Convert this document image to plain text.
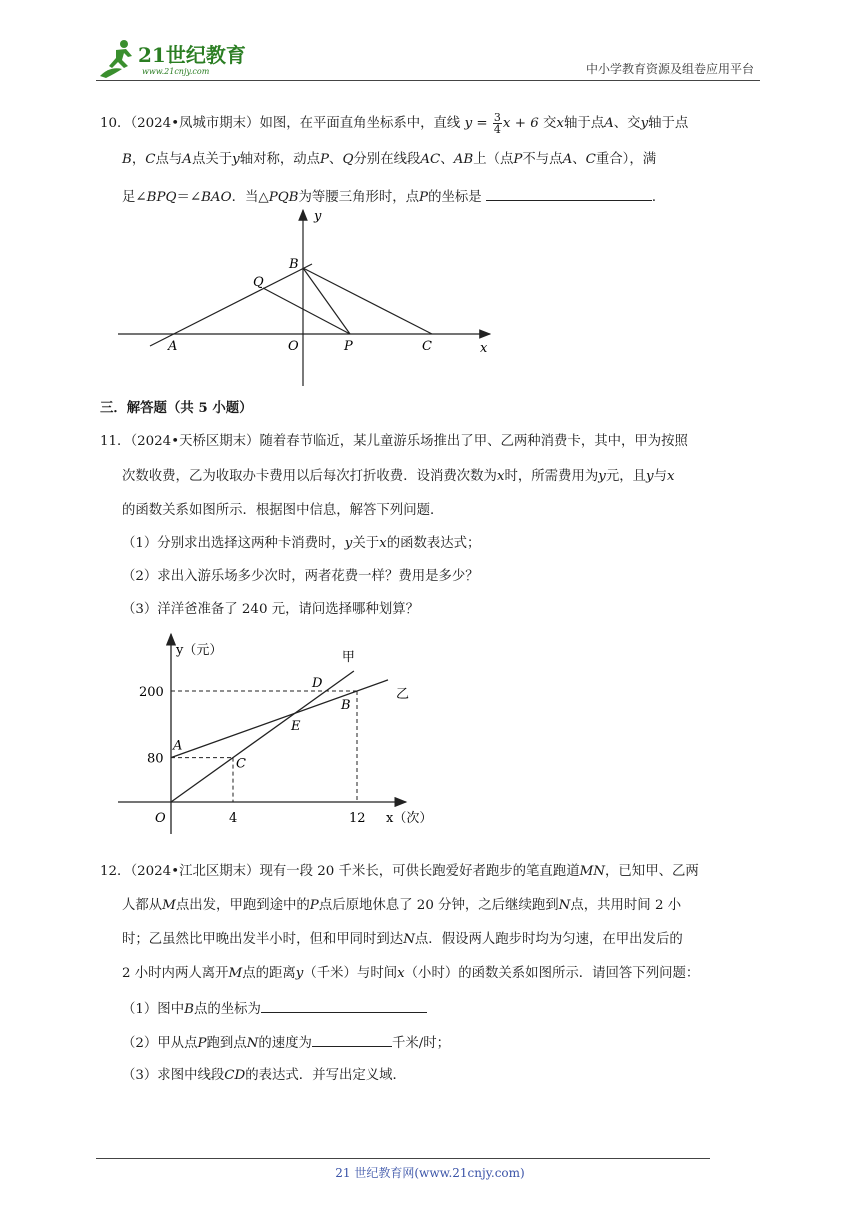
21世纪教育
www.21cnjy.com	中小学教育资源及组卷应用平台
10．（2024•凤城市期末）如图，在平面直角坐标系中，直线 $y = \frac{3}{4}$ x + 6 交x轴于点A、交y轴于点
B，C点与A点关于y轴对称，动点P、Q分别在线段AC、AB上（点P不与点A、C重合），满
足∠BPQ＝∠BAO．当△PQB为等腰三角形时，点P的坐标是	．
y
x
B
Q
A	O	P	C
三．解答题（共 5 小题）
11．（2024•天桥区期末）随着春节临近，某儿童游乐场推出了甲、乙两种消费卡，其中，甲为按照
次数收费，乙为收取办卡费用以后每次打折收费．设消费次数为x时，所需费用为y元，且y与x
的函数关系如图所示．根据图中信息，解答下列问题．
（1）分别求出选择这两种卡消费时，y关于x的函数表达式；
（2）求出入游乐场多少次时，两者花费一样？费用是多少？
（3）洋洋爸准备了 240 元，请问选择哪种划算？
y（元）
x（次）
甲
乙
O	4	12
80
200
A
C
E
D
B
12．（2024•江北区期末）现有一段 20 千米长，可供长跑爱好者跑步的笔直跑道MN，已知甲、乙两
人都从M点出发，甲跑到途中的P点后原地休息了 20 分钟，之后继续跑到N点，共用时间 2 小
时；乙虽然比甲晚出发半小时，但和甲同时到达N点．假设两人跑步时均为匀速，在甲出发后的
2 小时内两人离开M点的距离y（千米）与时间x（小时）的函数关系如图所示．请回答下列问题：
（1）图中B点的坐标为
（2）甲从点P跑到点N的速度为	千米/时；
（3）求图中线段CD的表达式．并写出定义域．
21 世纪教育网(www.21cnjy.com)
